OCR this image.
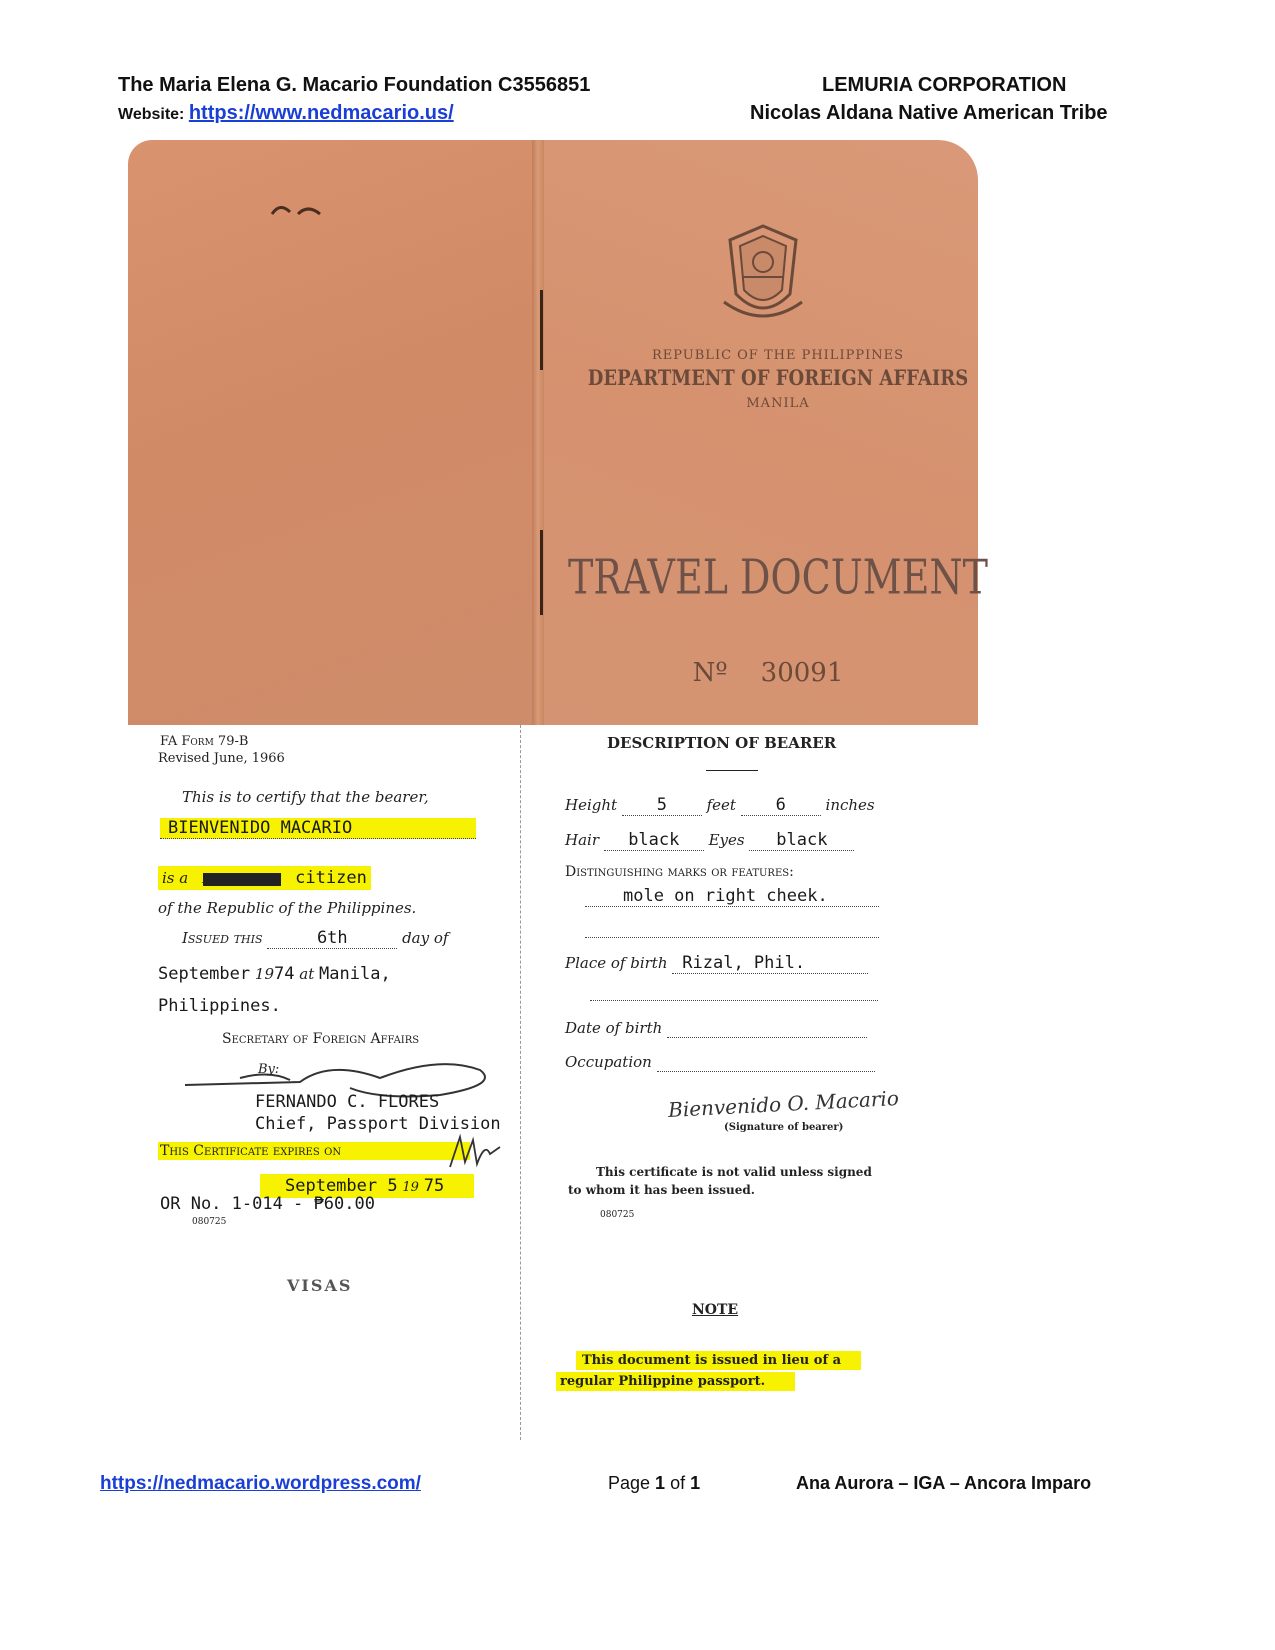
The Maria Elena G. Macario Foundation C3556851
Website: https://www.nedmacario.us/
LEMURIA CORPORATION
Nicolas Aldana Native American Tribe
REPUBLIC OF THE PHILIPPINES
DEPARTMENT OF FOREIGN AFFAIRS
MANILA
TRAVEL DOCUMENT
Nº 30091
FA Form 79-B
Revised June, 1966
This is to certify that the bearer,
BIENVENIDO MACARIO
is a XXXXXXXXXX citizen
of the Republic of the Philippines.
Issued this	6th	day of
September 1974 at Manila,
Philippines.
Secretary of Foreign Affairs
By:
FERNANDO C. FLORES
Chief, Passport Division
This Certificate expires on
September 5 19 75
OR No. 1-014 - ₱60.00
080725
DESCRIPTION OF BEARER
Height 5	feet 6	inches
Hair black Eyes black
Distinguishing marks or features:
mole on right cheek.
Place of birth Rizal, Phil.
Date of birth
Occupation
Bienvenido O. Macario
(Signature of bearer)
This certificate is not valid unless signed
to whom it has been issued.
080725
VISAS
NOTE
This document is issued in lieu of a
regular Philippine passport.
https://nedmacario.wordpress.com/	Page 1 of 1	Ana Aurora – IGA – Ancora Imparo
